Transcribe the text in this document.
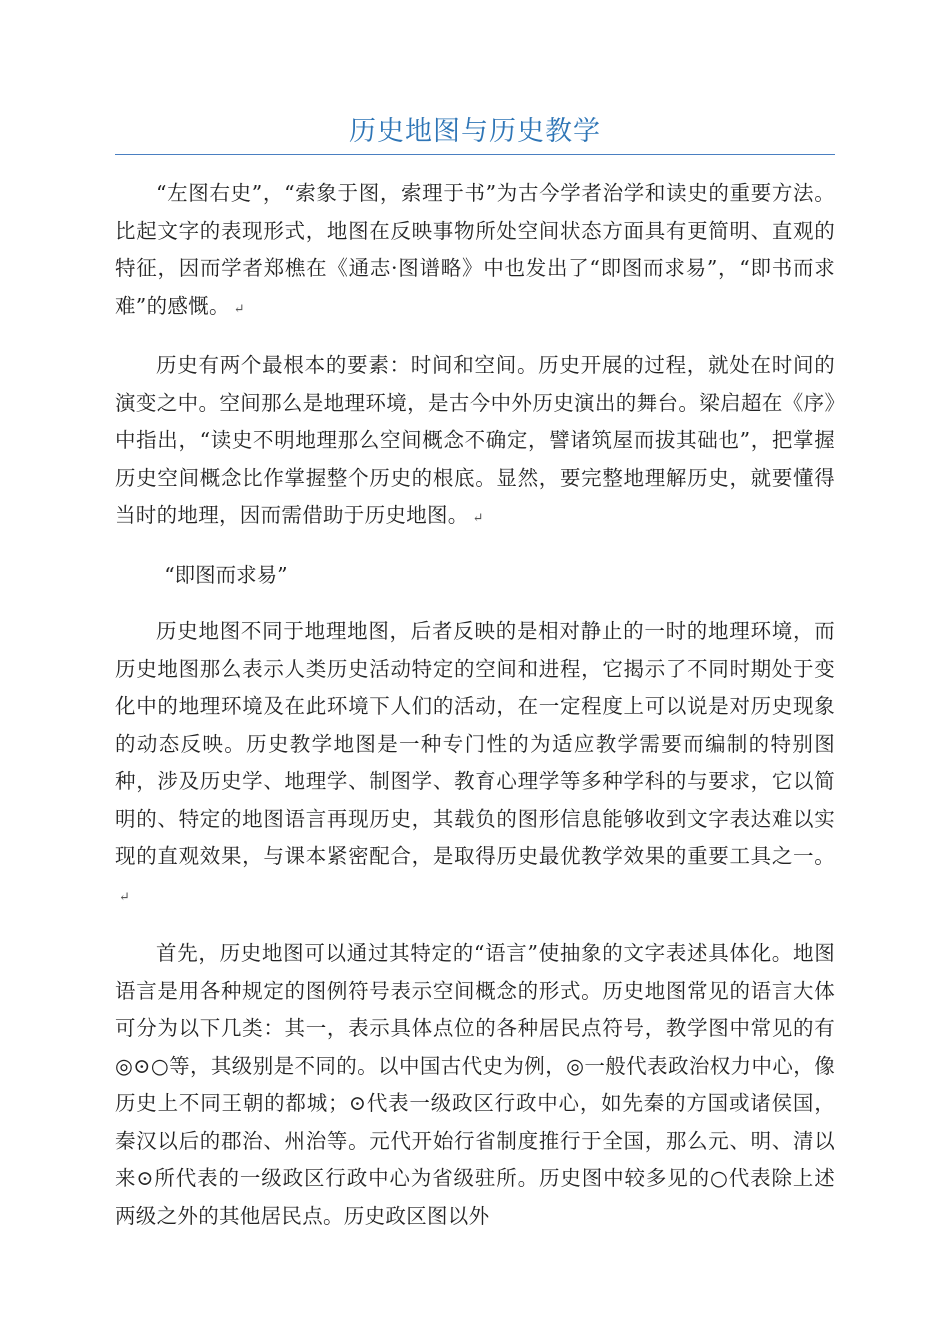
历史地图与历史教学

“左图右史”，“索象于图，索理于书”为古今学者治学和读史的重要方法。比起文字的表现形式，地图在反映事物所处空间状态方面具有更简明、直观的特征，因而学者郑樵在《通志·图谱略》中也发出了“即图而求易”，“即书而求难”的感慨。 ↵

历史有两个最根本的要素：时间和空间。历史开展的过程，就处在时间的演变之中。空间那么是地理环境，是古今中外历史演出的舞台。梁启超在《序》中指出，“读史不明地理那么空间概念不确定，譬诸筑屋而拔其础也”，把掌握历史空间概念比作掌握整个历史的根底。显然，要完整地理解历史，就要懂得当时的地理，因而需借助于历史地图。 ↵

“即图而求易”

历史地图不同于地理地图，后者反映的是相对静止的一时的地理环境，而历史地图那么表示人类历史活动特定的空间和进程，它揭示了不同时期处于变化中的地理环境及在此环境下人们的活动，在一定程度上可以说是对历史现象的动态反映。历史教学地图是一种专门性的为适应教学需要而编制的特别图种，涉及历史学、地理学、制图学、教育心理学等多种学科的与要求，它以简明的、特定的地图语言再现历史，其载负的图形信息能够收到文字表达难以实现的直观效果，与课本紧密配合，是取得历史最优教学效果的重要工具之一。↵

首先，历史地图可以通过其特定的“语言”使抽象的文字表述具体化。地图语言是用各种规定的图例符号表示空间概念的形式。历史地图常见的语言大体可分为以下几类：其一，表示具体点位的各种居民点符号，教学图中常见的有◎⊙○等，其级别是不同的。以中国古代史为例，◎一般代表政治权力中心，像历史上不同王朝的都城；⊙代表一级政区行政中心，如先秦的方国或诸侯国，秦汉以后的郡治、州治等。元代开始行省制度推行于全国，那么元、明、清以来⊙所代表的一级政区行政中心为省级驻所。历史图中较多见的○代表除上述两级之外的其他居民点。历史政区图以外
